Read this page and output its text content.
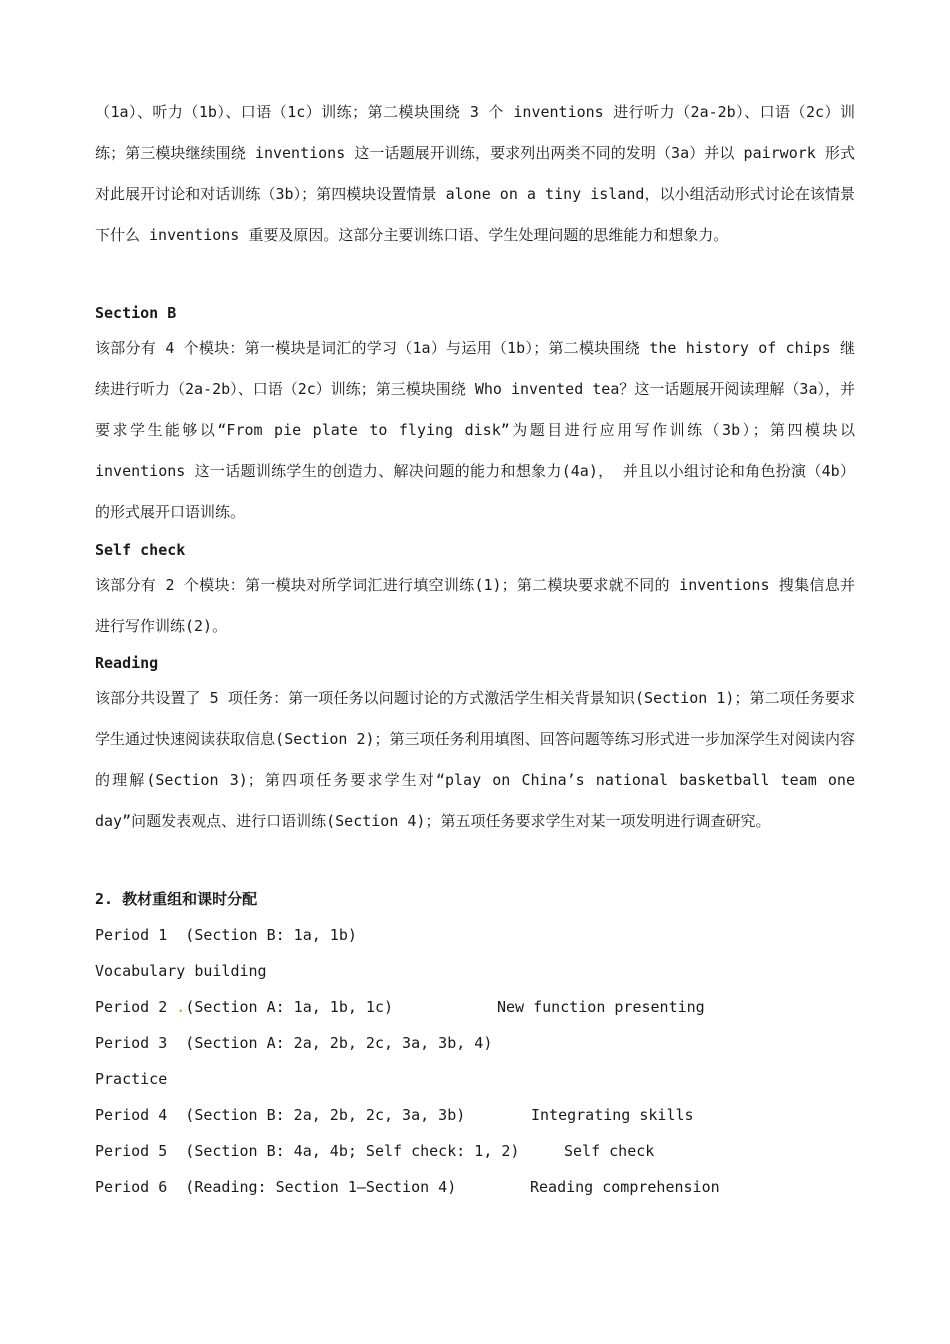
（1a）、听力（1b）、口语（1c）训练；第二模块围绕 3 个 inventions 进行听力（2a-2b）、口语（2c）训练；第三模块继续围绕 inventions 这一话题展开训练，要求列出两类不同的发明（3a）并以 pairwork 形式对此展开讨论和对话训练（3b）；第四模块设置情景 alone on a tiny island，以小组活动形式讨论在该情景下什么 inventions 重要及原因。这部分主要训练口语、学生处理问题的思维能力和想象力。

Section B

该部分有 4 个模块：第一模块是词汇的学习（1a）与运用（1b）；第二模块围绕 the history of chips 继续进行听力（2a-2b）、口语（2c）训练；第三模块围绕 Who invented tea？这一话题展开阅读理解（3a），并要求学生能够以“From pie plate to flying disk”为题目进行应用写作训练（3b）；第四模块以 inventions 这一话题训练学生的创造力、解决问题的能力和想象力(4a)， 并且以小组讨论和角色扮演（4b）的形式展开口语训练。

Self check

该部分有 2 个模块：第一模块对所学词汇进行填空训练(1)；第二模块要求就不同的 inventions 搜集信息并进行写作训练(2)。

Reading

该部分共设置了 5 项任务：第一项任务以问题讨论的方式激活学生相关背景知识(Section 1)；第二项任务要求学生通过快速阅读获取信息(Section 2)；第三项任务利用填图、回答问题等练习形式进一步加深学生对阅读内容的理解(Section 3)；第四项任务要求学生对“play on China’s national basketball team one day”问题发表观点、进行口语训练(Section 4)；第五项任务要求学生对某一项发明进行调查研究。

2. 教材重组和课时分配
Period 1  (Section B: 1a, 1b)
Vocabulary building
Period 2 .(Section A: 1a, 1b, 1c)	New function presenting
Period 3  (Section A: 2a, 2b, 2c, 3a, 3b, 4)
Practice
Period 4  (Section B: 2a, 2b, 2c, 3a, 3b)	Integrating skills
Period 5  (Section B: 4a, 4b; Self check: 1, 2)	Self check
Period 6  (Reading: Section 1—Section 4)	Reading comprehension
